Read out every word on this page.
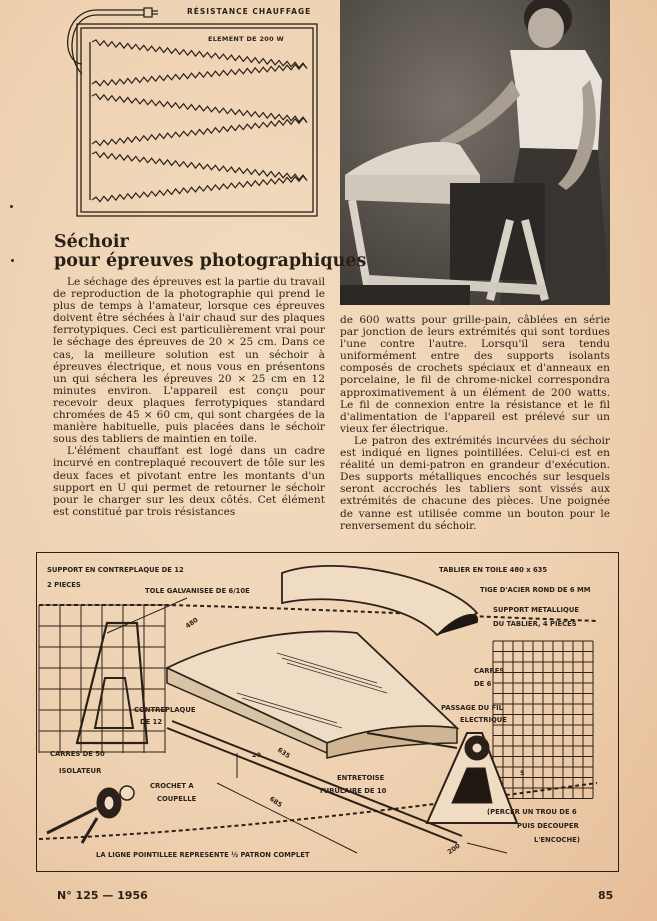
RÉSISTANCE CHAUFFAGE
ELEMENT DE 200 W
Séchoir
pour épreuves photographiques

Le séchage des épreuves est la partie du travail de reproduction de la photographie qui prend le plus de temps à l'amateur, lorsque ces épreuves doivent être séchées à l'air chaud sur des plaques ferrotypiques. Ceci est particulièrement vrai pour le séchage des épreuves de 20 × 25 cm. Dans ce cas, la meilleure solution est un séchoir à épreuves électrique, et nous vous en présentons un qui séchera les épreuves 20 × 25 cm en 12 minutes environ. L'appareil est conçu pour recevoir deux plaques ferrotypiques standard chromées de 45 × 60 cm, qui sont chargées de la manière habituelle, puis placées dans le séchoir sous des tabliers de maintien en toile.

L'élément chauffant est logé dans un cadre incurvé en contreplaqué recouvert de tôle sur les deux faces et pivotant entre les montants d'un support en U qui permet de retourner le séchoir pour le charger sur les deux côtés. Cet élément est constitué par trois résistances

de 600 watts pour grille-pain, câblées en série par jonction de leurs extrémités qui sont tordues l'une contre l'autre. Lorsqu'il sera tendu uniformément entre des supports isolants composés de crochets spéciaux et d'anneaux en porcelaine, le fil de chrome-nickel correspondra approximativement à un élément de 200 watts. Le fil de connexion entre la résistance et le fil d'alimentation de l'appareil est prélevé sur un vieux fer électrique.

Le patron des extrémités incurvées du séchoir est indiqué en lignes pointillées. Celui-ci est en réalité un demi-patron en grandeur d'exécution. Des supports métalliques encochés sur lesquels seront accrochés les tabliers sont vissés aux extrémités de chacune des pièces. Une poignée de vanne est utilisée comme un bouton pour le renversement du séchoir.

SUPPORT EN CONTREPLAQUE DE 12
2 PIECES
TOLE GALVANISEE DE 6/10E
TABLIER EN TOILE 480 x 635
TIGE D'ACIER ROND DE 6 MM
SUPPORT METALLIQUE
DU TABLIER, 4 PIECES
CARRES
DE 6
PASSAGE DU FIL
ELECTRIQUE
CONTREPLAQUE
DE 12
CARRES DE 50
ISOLATEUR
CROCHET A
COUPELLE
ENTRETOISE
TUBULAIRE DE 10
(PERCER UN TROU DE 6
PUIS DECOUPER
L'ENCOCHE)
LA LIGNE POINTILLEE REPRESENTE ½ PATRON COMPLET
480
20 635
685
200
5
N° 125 — 1956	85
